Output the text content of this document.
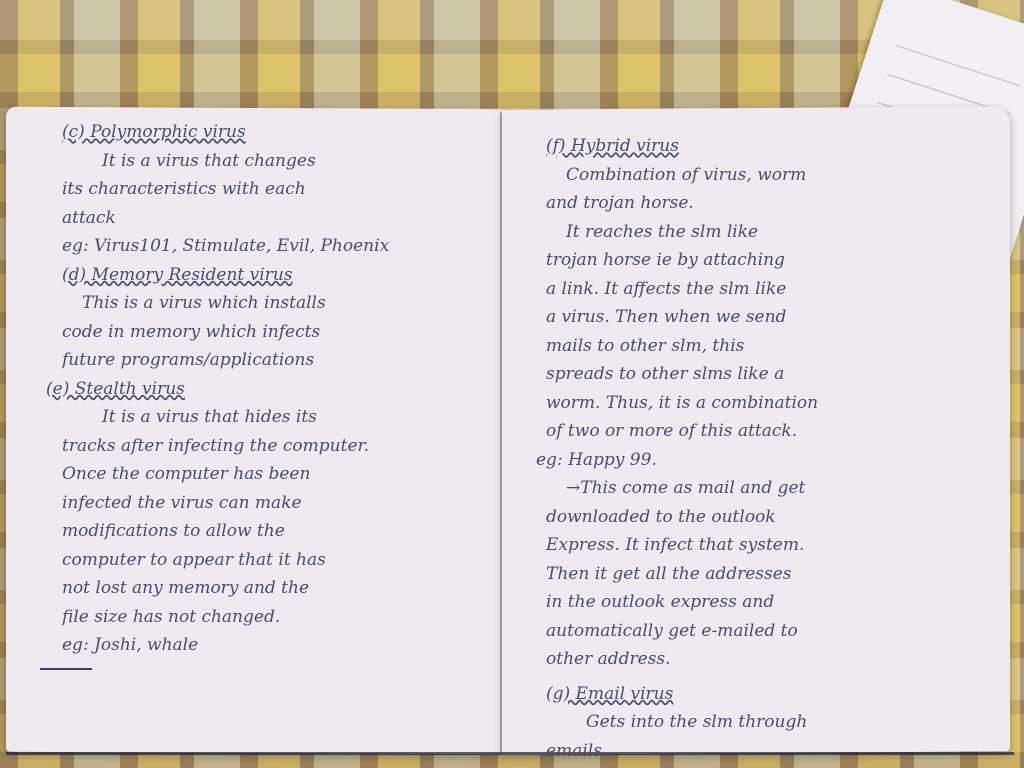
(c) Polymorphic virus
It is a virus that changes
its characteristics with each
attack
eg: Virus101, Stimulate, Evil, Phoenix
(d) Memory Resident virus
This is a virus which installs
code in memory which infects
future programs/applications
(e) Stealth virus
It is a virus that hides its
tracks after infecting the computer.
Once the computer has been
infected the virus can make
modifications to allow the
computer to appear that it has
not lost any memory and the
file size has not changed.
eg: Joshi, whale
(f) Hybrid virus
Combination of virus, worm
and trojan horse.
It reaches the slm like
trojan horse ie by attaching
a link. It affects the slm like
a virus. Then when we send
mails to other slm, this
spreads to other slms like a
worm. Thus, it is a combination
of two or more of this attack.
eg: Happy 99.
→This come as mail and get
downloaded to the outlook
Express. It infect that system.
Then it get all the addresses
in the outlook express and
automatically get e-mailed to
other address.
(g) Email virus
Gets into the slm through
emails.
